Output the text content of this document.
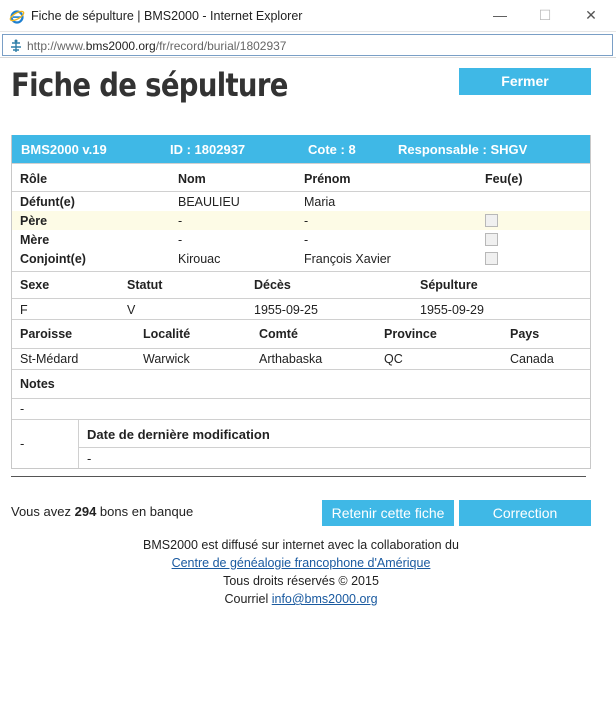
Fiche de sépulture | BMS2000 - Internet Explorer	—	☐	✕
http://www.bms2000.org/fr/record/burial/1802937
Fiche de sépulture	Fermer
BMS2000 v.19	ID : 1802937	Cote : 8	Responsable : SHGV
Rôle	Nom	Prénom	Feu(e)
Défunt(e)	BEAULIEU	Maria
Père	-	-
Mère	-	-
Conjoint(e)	Kirouac	François Xavier
Sexe	Statut	Décès	Sépulture
F	V	1955-09-25	1955-09-29
Paroisse	Localité	Comté	Province	Pays
St-Médard	Warwick	Arthabaska	QC	Canada
Notes
-
-
Date de dernière modification
-
Vous avez 294 bons en banque	Retenir cette fiche	Correction
BMS2000 est diffusé sur internet avec la collaboration du
Centre de généalogie francophone d'Amérique
Tous droits réservés © 2015
Courriel info@bms2000.org
